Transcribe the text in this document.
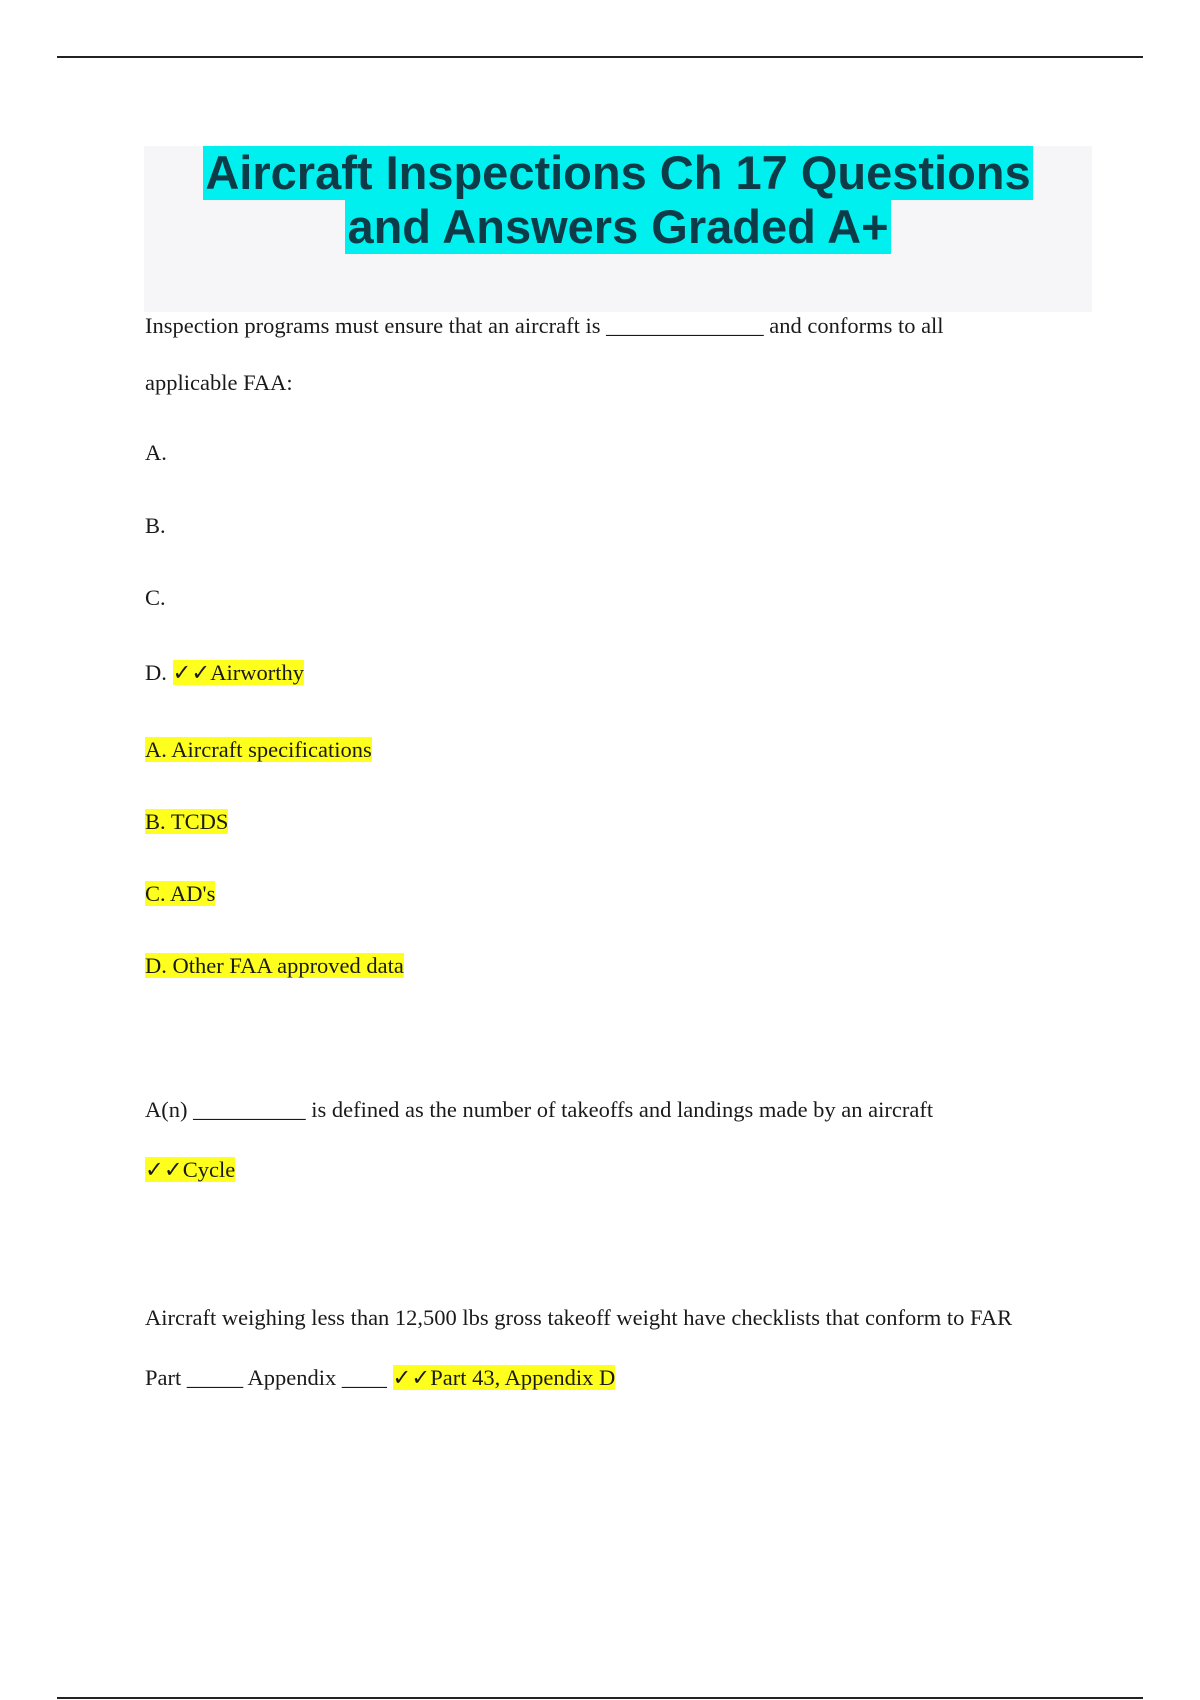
Aircraft Inspections Ch 17 Questions
and Answers Graded A+
Inspection programs must ensure that an aircraft is ______________ and conforms to all
applicable FAA:
A.
B.
C.
D. ✓✓Airworthy
A. Aircraft specifications
B. TCDS
C. AD's
D. Other FAA approved data
A(n) __________ is defined as the number of takeoffs and landings made by an aircraft
✓✓Cycle
Aircraft weighing less than 12,500 lbs gross takeoff weight have checklists that conform to FAR
Part _____ Appendix ____ ✓✓Part 43, Appendix D
